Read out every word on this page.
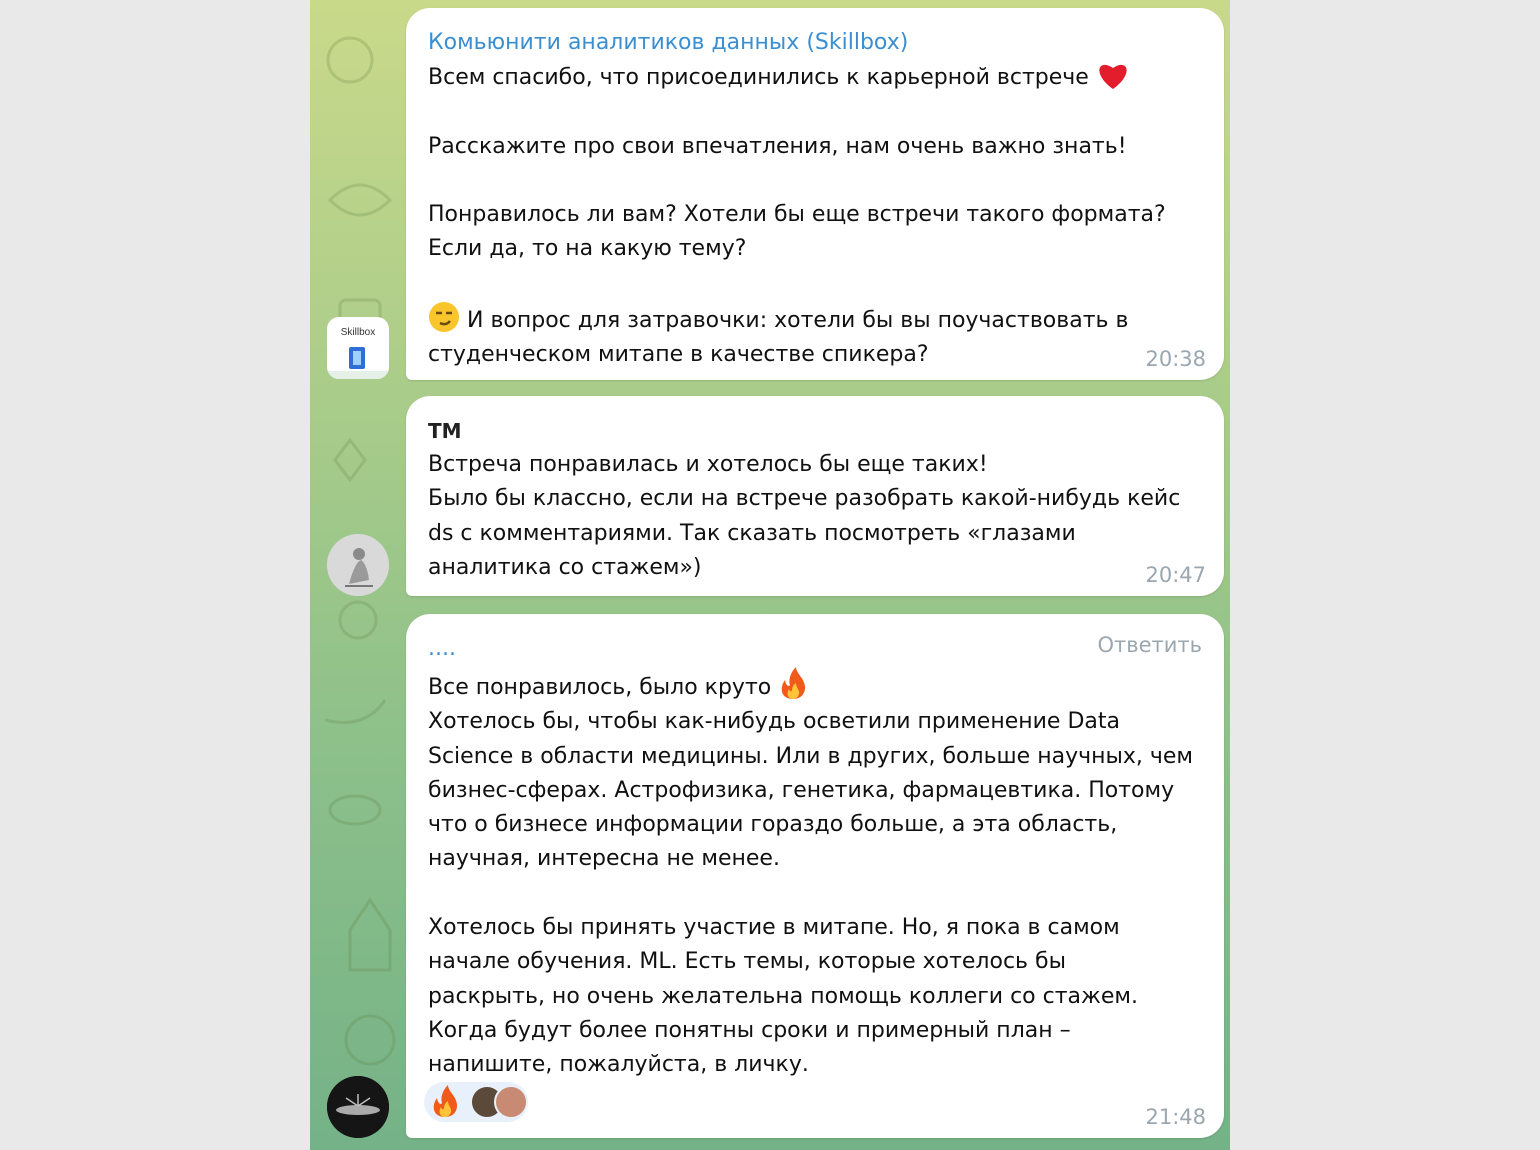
Skillbox
Комьюнити аналитиков данных (Skillbox)
Всем спасибо, что присоединились к карьерной встрече

Расскажите про свои впечатления, нам очень важно знать!

Понравилось ли вам? Хотели бы еще встречи такого формата?
Если да, то на какую тему?

И вопрос для затравочки: хотели бы вы поучаствовать в
студенческом митапе в качестве спикера?	20:38
ТМ
Встреча понравилась и хотелось бы еще таких!
Было бы классно, если на встрече разобрать какой-нибудь кейс
ds с комментариями. Так сказать посмотреть «глазами
аналитика со стажем»)	20:47
....	Ответить
Все понравилось, было круто
Хотелось бы, чтобы как-нибудь осветили применение Data
Science в области медицины. Или в других, больше научных, чем
бизнес-сферах. Астрофизика, генетика, фармацевтика. Потому
что о бизнесе информации гораздо больше, а эта область,
научная, интересна не менее.

Хотелось бы принять участие в митапе. Но, я пока в самом
начале обучения. ML. Есть темы, которые хотелось бы
раскрыть, но очень желательна помощь коллеги со стажем.
Когда будут более понятны сроки и примерный план –
напишите, пожалуйста, в личку.
21:48
